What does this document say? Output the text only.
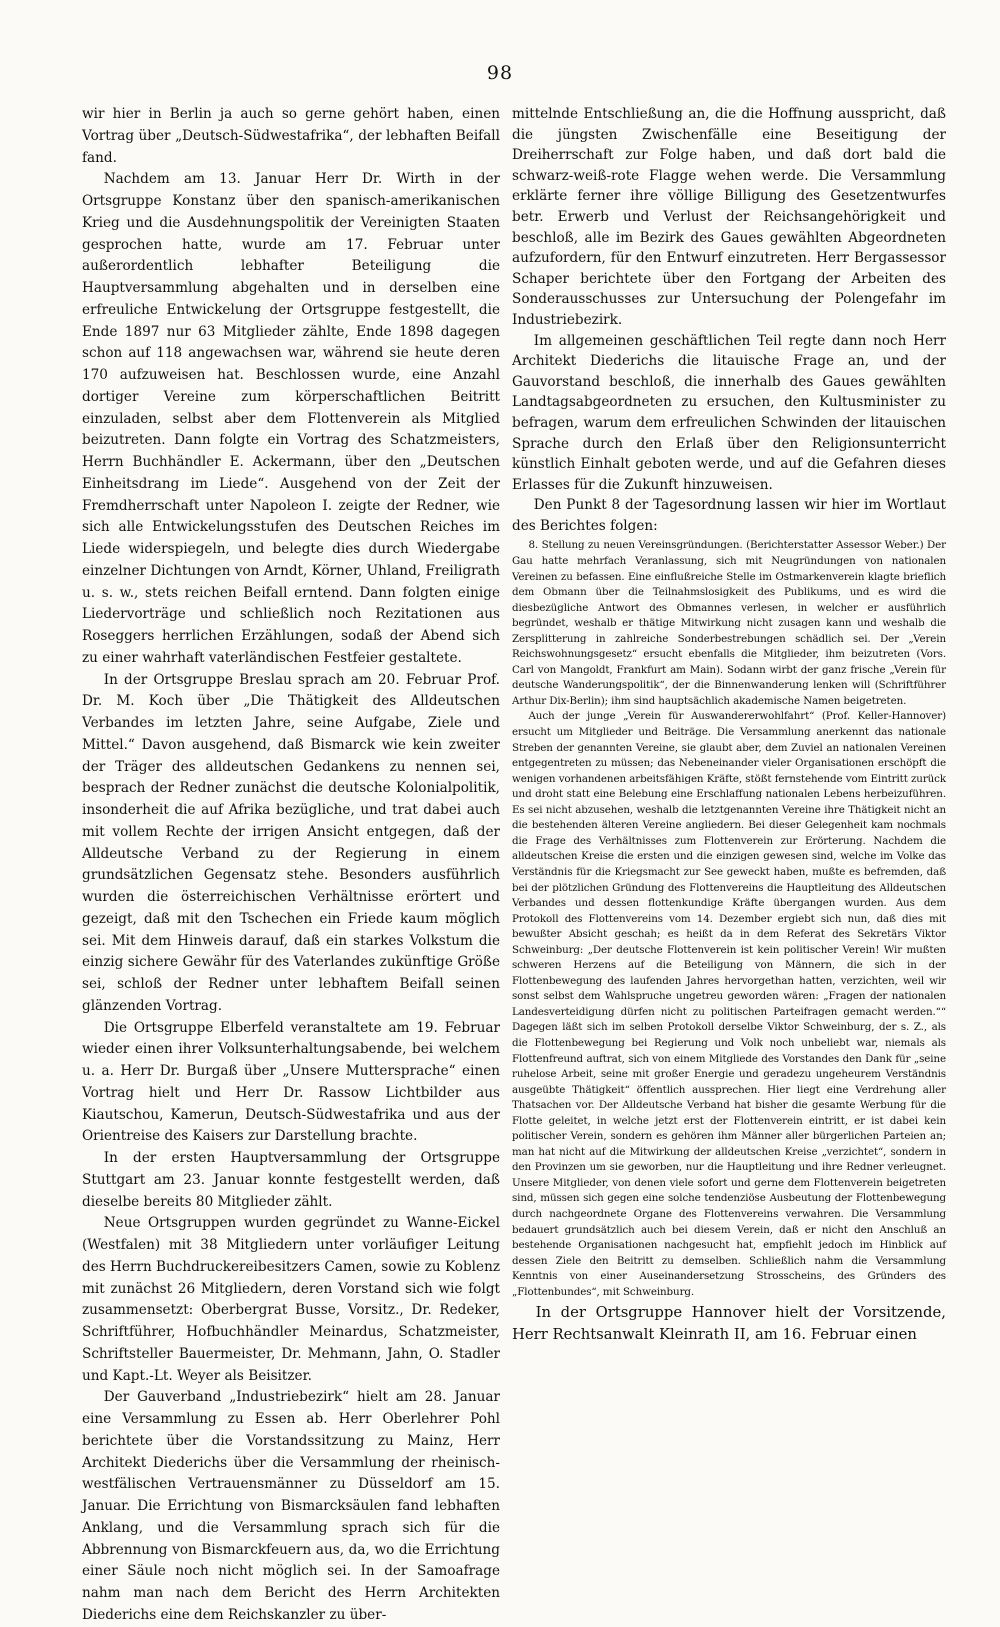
98

wir hier in Berlin ja auch so gerne gehört haben, einen Vortrag über „Deutsch-Südwestafrika“, der lebhaften Beifall fand.

Nachdem am 13. Januar Herr Dr. Wirth in der Ortsgruppe Konstanz über den spanisch-amerikanischen Krieg und die Ausdehnungspolitik der Vereinigten Staaten gesprochen hatte, wurde am 17. Februar unter außerordentlich lebhafter Beteiligung die Hauptversammlung abgehalten und in derselben eine erfreuliche Entwickelung der Ortsgruppe festgestellt, die Ende 1897 nur 63 Mitglieder zählte, Ende 1898 dagegen schon auf 118 angewachsen war, während sie heute deren 170 aufzuweisen hat. Beschlossen wurde, eine Anzahl dortiger Vereine zum körperschaftlichen Beitritt einzuladen, selbst aber dem Flottenverein als Mitglied beizutreten. Dann folgte ein Vortrag des Schatzmeisters, Herrn Buchhändler E. Ackermann, über den „Deutschen Einheitsdrang im Liede“. Ausgehend von der Zeit der Fremdherrschaft unter Napoleon I. zeigte der Redner, wie sich alle Entwickelungsstufen des Deutschen Reiches im Liede widerspiegeln, und belegte dies durch Wiedergabe einzelner Dichtungen von Arndt, Körner, Uhland, Freiligrath u. s. w., stets reichen Beifall erntend. Dann folgten einige Liedervorträge und schließlich noch Rezitationen aus Roseggers herrlichen Erzählungen, sodaß der Abend sich zu einer wahrhaft vaterländischen Festfeier gestaltete.

In der Ortsgruppe Breslau sprach am 20. Februar Prof. Dr. M. Koch über „Die Thätigkeit des Alldeutschen Verbandes im letzten Jahre, seine Aufgabe, Ziele und Mittel.“ Davon ausgehend, daß Bismarck wie kein zweiter der Träger des alldeutschen Gedankens zu nennen sei, besprach der Redner zunächst die deutsche Kolonialpolitik, insonderheit die auf Afrika bezügliche, und trat dabei auch mit vollem Rechte der irrigen Ansicht entgegen, daß der Alldeutsche Verband zu der Regierung in einem grundsätzlichen Gegensatz stehe. Besonders ausführlich wurden die österreichischen Verhältnisse erörtert und gezeigt, daß mit den Tschechen ein Friede kaum möglich sei. Mit dem Hinweis darauf, daß ein starkes Volkstum die einzig sichere Gewähr für des Vaterlandes zukünftige Größe sei, schloß der Redner unter lebhaftem Beifall seinen glänzenden Vortrag.

Die Ortsgruppe Elberfeld veranstaltete am 19. Februar wieder einen ihrer Volksunterhaltungsabende, bei welchem u. a. Herr Dr. Burgaß über „Unsere Muttersprache“ einen Vortrag hielt und Herr Dr. Rassow Lichtbilder aus Kiautschou, Kamerun, Deutsch-Südwestafrika und aus der Orientreise des Kaisers zur Darstellung brachte.

In der ersten Hauptversammlung der Ortsgruppe Stuttgart am 23. Januar konnte festgestellt werden, daß dieselbe bereits 80 Mitglieder zählt.

Neue Ortsgruppen wurden gegründet zu Wanne-Eickel (Westfalen) mit 38 Mitgliedern unter vorläufiger Leitung des Herrn Buchdruckereibesitzers Camen, sowie zu Koblenz mit zunächst 26 Mitgliedern, deren Vorstand sich wie folgt zusammensetzt: Oberbergrat Busse, Vorsitz., Dr. Redeker, Schriftführer, Hofbuchhändler Meinardus, Schatzmeister, Schriftsteller Bauermeister, Dr. Mehmann, Jahn, O. Stadler und Kapt.-Lt. Weyer als Beisitzer.

Der Gauverband „Industriebezirk“ hielt am 28. Januar eine Versammlung zu Essen ab. Herr Oberlehrer Pohl berichtete über die Vorstandssitzung zu Mainz, Herr Architekt Diederichs über die Versammlung der rheinisch-westfälischen Vertrauensmänner zu Düsseldorf am 15. Januar. Die Errichtung von Bismarcksäulen fand lebhaften Anklang, und die Versammlung sprach sich für die Abbrennung von Bismarckfeuern aus, da, wo die Errichtung einer Säule noch nicht möglich sei. In der Samoafrage nahm man nach dem Bericht des Herrn Architekten Diederichs eine dem Reichskanzler zu über-

mittelnde Entschließung an, die die Hoffnung ausspricht, daß die jüngsten Zwischenfälle eine Beseitigung der Dreiherrschaft zur Folge haben, und daß dort bald die schwarz-weiß-rote Flagge wehen werde. Die Versammlung erklärte ferner ihre völlige Billigung des Gesetzentwurfes betr. Erwerb und Verlust der Reichsangehörigkeit und beschloß, alle im Bezirk des Gaues gewählten Abgeordneten aufzufordern, für den Entwurf einzutreten. Herr Bergassessor Schaper berichtete über den Fortgang der Arbeiten des Sonderausschusses zur Untersuchung der Polengefahr im Industriebezirk.

Im allgemeinen geschäftlichen Teil regte dann noch Herr Architekt Diederichs die litauische Frage an, und der Gauvorstand beschloß, die innerhalb des Gaues gewählten Landtagsabgeordneten zu ersuchen, den Kultusminister zu befragen, warum dem erfreulichen Schwinden der litauischen Sprache durch den Erlaß über den Religionsunterricht künstlich Einhalt geboten werde, und auf die Gefahren dieses Erlasses für die Zukunft hinzuweisen.

Den Punkt 8 der Tagesordnung lassen wir hier im Wortlaut des Berichtes folgen:

8. Stellung zu neuen Vereinsgründungen. (Berichterstatter Assessor Weber.) Der Gau hatte mehrfach Veranlassung, sich mit Neugründungen von nationalen Vereinen zu befassen. Eine einflußreiche Stelle im Ostmarkenverein klagte brieflich dem Obmann über die Teilnahmslosigkeit des Publikums, und es wird die diesbezügliche Antwort des Obmannes verlesen, in welcher er ausführlich begründet, weshalb er thätige Mitwirkung nicht zusagen kann und weshalb die Zersplitterung in zahlreiche Sonderbestrebungen schädlich sei. Der „Verein Reichswohnungsgesetz“ ersucht ebenfalls die Mitglieder, ihm beizutreten (Vors. Carl von Mangoldt, Frankfurt am Main). Sodann wirbt der ganz frische „Verein für deutsche Wanderungspolitik“, der die Binnenwanderung lenken will (Schriftführer Arthur Dix-Berlin); ihm sind hauptsächlich akademische Namen beigetreten.

Auch der junge „Verein für Auswandererwohlfahrt“ (Prof. Keller-Hannover) ersucht um Mitglieder und Beiträge. Die Versammlung anerkennt das nationale Streben der genannten Vereine, sie glaubt aber, dem Zuviel an nationalen Vereinen entgegentreten zu müssen; das Nebeneinander vieler Organisationen erschöpft die wenigen vorhandenen arbeitsfähigen Kräfte, stößt fernstehende vom Eintritt zurück und droht statt eine Belebung eine Erschlaffung nationalen Lebens herbeizuführen. Es sei nicht abzusehen, weshalb die letztgenannten Vereine ihre Thätigkeit nicht an die bestehenden älteren Vereine angliedern. Bei dieser Gelegenheit kam nochmals die Frage des Verhältnisses zum Flottenverein zur Erörterung. Nachdem die alldeutschen Kreise die ersten und die einzigen gewesen sind, welche im Volke das Verständnis für die Kriegsmacht zur See geweckt haben, mußte es befremden, daß bei der plötzlichen Gründung des Flottenvereins die Hauptleitung des Alldeutschen Verbandes und dessen flottenkundige Kräfte übergangen wurden. Aus dem Protokoll des Flottenvereins vom 14. Dezember ergiebt sich nun, daß dies mit bewußter Absicht geschah; es heißt da in dem Referat des Sekretärs Viktor Schweinburg: „Der deutsche Flottenverein ist kein politischer Verein! Wir mußten schweren Herzens auf die Beteiligung von Männern, die sich in der Flottenbewegung des laufenden Jahres hervorgethan hatten, verzichten, weil wir sonst selbst dem Wahlspruche ungetreu geworden wären: „Fragen der nationalen Landesverteidigung dürfen nicht zu politischen Parteifragen gemacht werden.““ Dagegen läßt sich im selben Protokoll derselbe Viktor Schweinburg, der s. Z., als die Flottenbewegung bei Regierung und Volk noch unbeliebt war, niemals als Flottenfreund auftrat, sich von einem Mitgliede des Vorstandes den Dank für „seine ruhelose Arbeit, seine mit großer Energie und geradezu ungeheurem Verständnis ausgeübte Thätigkeit“ öffentlich aussprechen. Hier liegt eine Verdrehung aller Thatsachen vor. Der Alldeutsche Verband hat bisher die gesamte Werbung für die Flotte geleitet, in welche jetzt erst der Flottenverein eintritt, er ist dabei kein politischer Verein, sondern es gehören ihm Männer aller bürgerlichen Parteien an; man hat nicht auf die Mitwirkung der alldeutschen Kreise „verzichtet“, sondern in den Provinzen um sie geworben, nur die Hauptleitung und ihre Redner verleugnet. Unsere Mitglieder, von denen viele sofort und gerne dem Flottenverein beigetreten sind, müssen sich gegen eine solche tendenziöse Ausbeutung der Flottenbewegung durch nachgeordnete Organe des Flottenvereins verwahren. Die Versammlung bedauert grundsätzlich auch bei diesem Verein, daß er nicht den Anschluß an bestehende Organisationen nachgesucht hat, empfiehlt jedoch im Hinblick auf dessen Ziele den Beitritt zu demselben. Schließlich nahm die Versammlung Kenntnis von einer Auseinandersetzung Strosscheins, des Gründers des „Flottenbundes“, mit Schweinburg.

In der Ortsgruppe Hannover hielt der Vorsitzende, Herr Rechtsanwalt Kleinrath II, am 16. Februar einen
